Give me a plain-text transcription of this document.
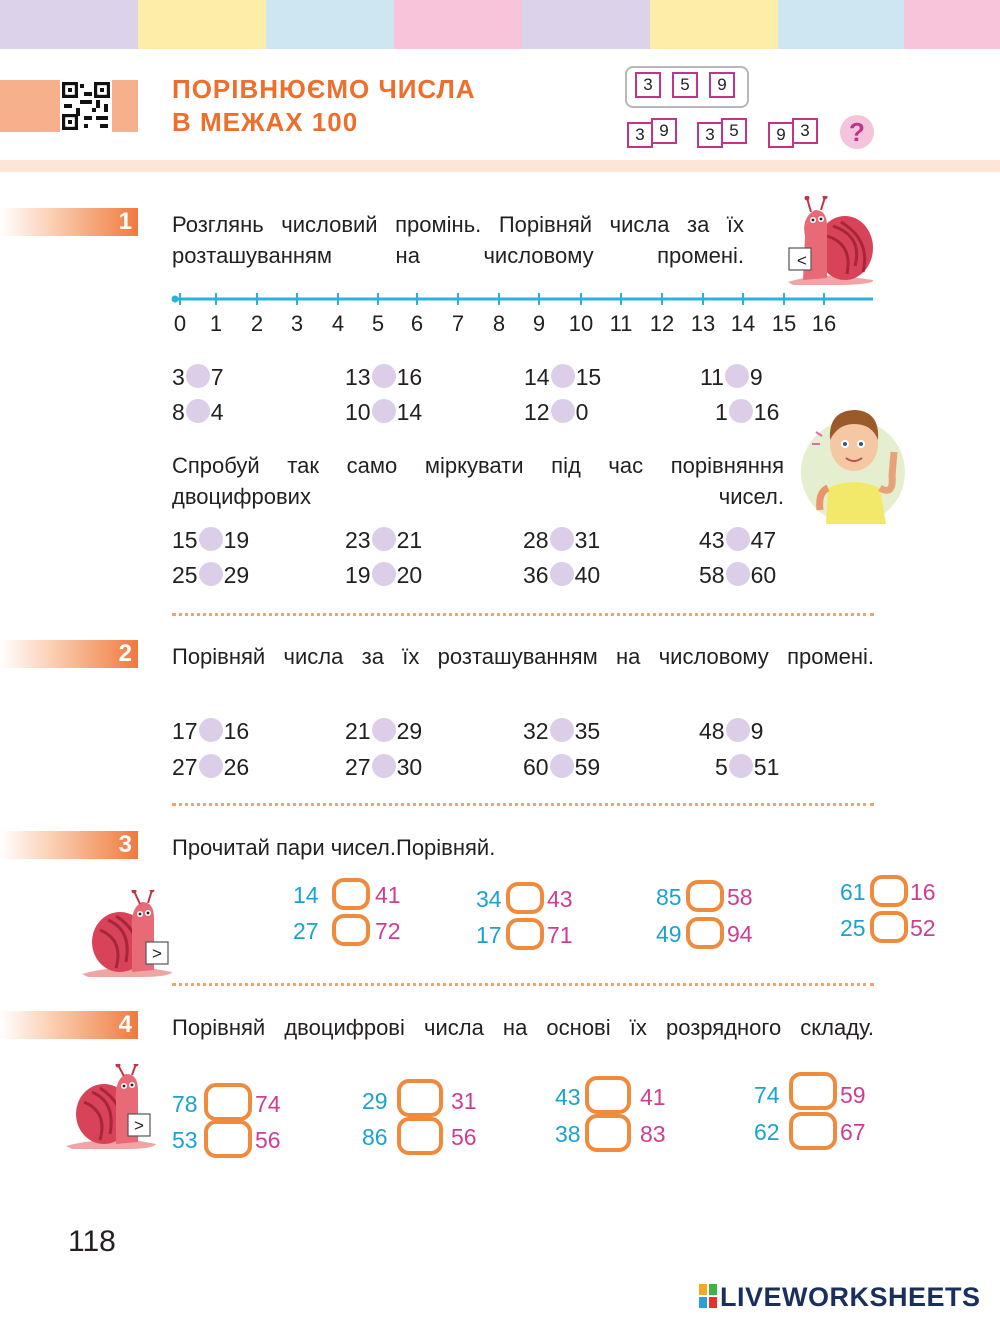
ПОРІВНЮЄМО ЧИСЛА
В МЕЖАХ 100
3	5	9
3 9	3 5	9 3	?
1 Розглянь числовий промінь. Порівняй числа за їх розташуванням на числовому промені.	<
0	1	2	3	4	5	6	7	8	9	10 11 12 13 14 15 16
3 7	13 16	14 15	11 9
8 4	10 14	12 0	1 16
Спробуй так само міркувати під час порівняння двоцифрових чисел.
15 19	23 21	28 31	43 47
25 29	19 20	36 40	58 60
2 Порівняй числа за їх розташуванням на числовому промені.
17 16	21 29	32 35	48 9
27 26	27 30	60 59	5 51
3 Прочитай пари чисел.Порівняй.
>
14 41
27 72
34 43
17 71
85 58
49 94
61 16
25 52
4 Порівняй двоцифрові числа на основі їх розрядного складу.
>
78 74
53 56
29	31
86	56
43	41
38	83
74	59
62	67
118
LIVEWORKSHEETS
